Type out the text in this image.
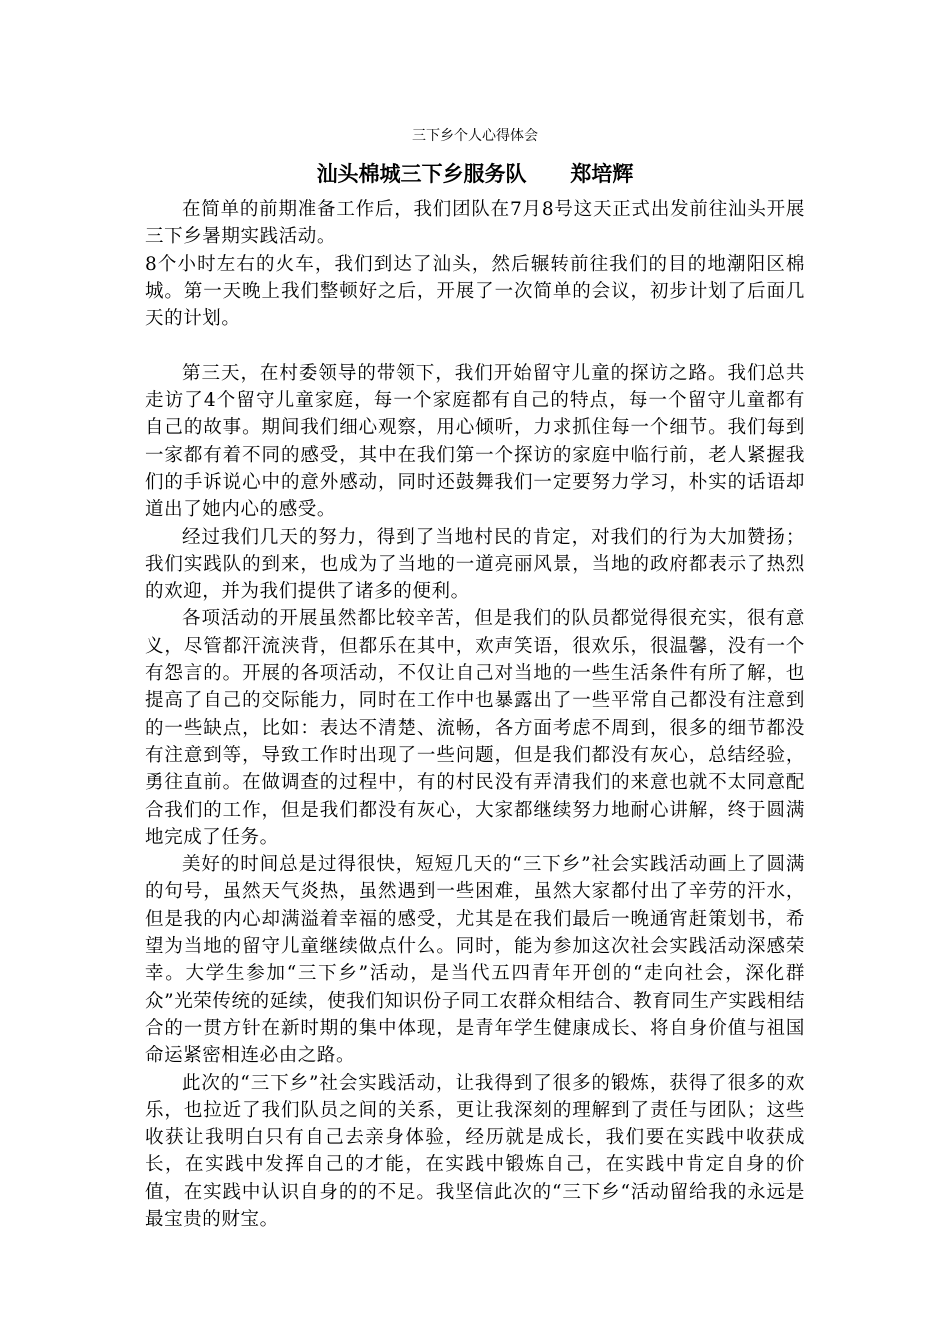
三下乡个人心得体会
汕头棉城三下乡服务队      郑培辉

在简单的前期准备工作后，我们团队在7月8号这天正式出发前往汕头开展三下乡暑期实践活动。

8个小时左右的火车，我们到达了汕头，然后辗转前往我们的目的地潮阳区棉城。第一天晚上我们整顿好之后，开展了一次简单的会议，初步计划了后面几天的计划。

第三天，在村委领导的带领下，我们开始留守儿童的探访之路。我们总共走访了4个留守儿童家庭，每一个家庭都有自己的特点，每一个留守儿童都有自己的故事。期间我们细心观察，用心倾听，力求抓住每一个细节。我们每到一家都有着不同的感受，其中在我们第一个探访的家庭中临行前，老人紧握我们的手诉说心中的意外感动，同时还鼓舞我们一定要努力学习，朴实的话语却道出了她内心的感受。

经过我们几天的努力，得到了当地村民的肯定，对我们的行为大加赞扬；我们实践队的到来，也成为了当地的一道亮丽风景，当地的政府都表示了热烈的欢迎，并为我们提供了诸多的便利。

各项活动的开展虽然都比较辛苦，但是我们的队员都觉得很充实，很有意义，尽管都汗流浃背，但都乐在其中，欢声笑语，很欢乐，很温馨，没有一个有怨言的。开展的各项活动，不仅让自己对当地的一些生活条件有所了解，也提高了自己的交际能力，同时在工作中也暴露出了一些平常自己都没有注意到的一些缺点，比如：表达不清楚、流畅，各方面考虑不周到，很多的细节都没有注意到等，导致工作时出现了一些问题，但是我们都没有灰心，总结经验，勇往直前。在做调查的过程中，有的村民没有弄清我们的来意也就不太同意配合我们的工作，但是我们都没有灰心，大家都继续努力地耐心讲解，终于圆满地完成了任务。

美好的时间总是过得很快，短短几天的“三下乡”社会实践活动画上了圆满的句号，虽然天气炎热，虽然遇到一些困难，虽然大家都付出了辛劳的汗水，但是我的内心却满溢着幸福的感受，尤其是在我们最后一晚通宵赶策划书，希望为当地的留守儿童继续做点什么。同时，能为参加这次社会实践活动深感荣幸。大学生参加“三下乡”活动，是当代五四青年开创的“走向社会，深化群众”光荣传统的延续，使我们知识份子同工农群众相结合、教育同生产实践相结合的一贯方针在新时期的集中体现，是青年学生健康成长、将自身价值与祖国命运紧密相连必由之路。

此次的“三下乡”社会实践活动，让我得到了很多的锻炼，获得了很多的欢乐，也拉近了我们队员之间的关系，更让我深刻的理解到了责任与团队；这些收获让我明白只有自己去亲身体验，经历就是成长，我们要在实践中收获成长，在实践中发挥自己的才能，在实践中锻炼自己，在实践中肯定自身的价值，在实践中认识自身的的不足。我坚信此次的“三下乡“活动留给我的永远是最宝贵的财宝。
